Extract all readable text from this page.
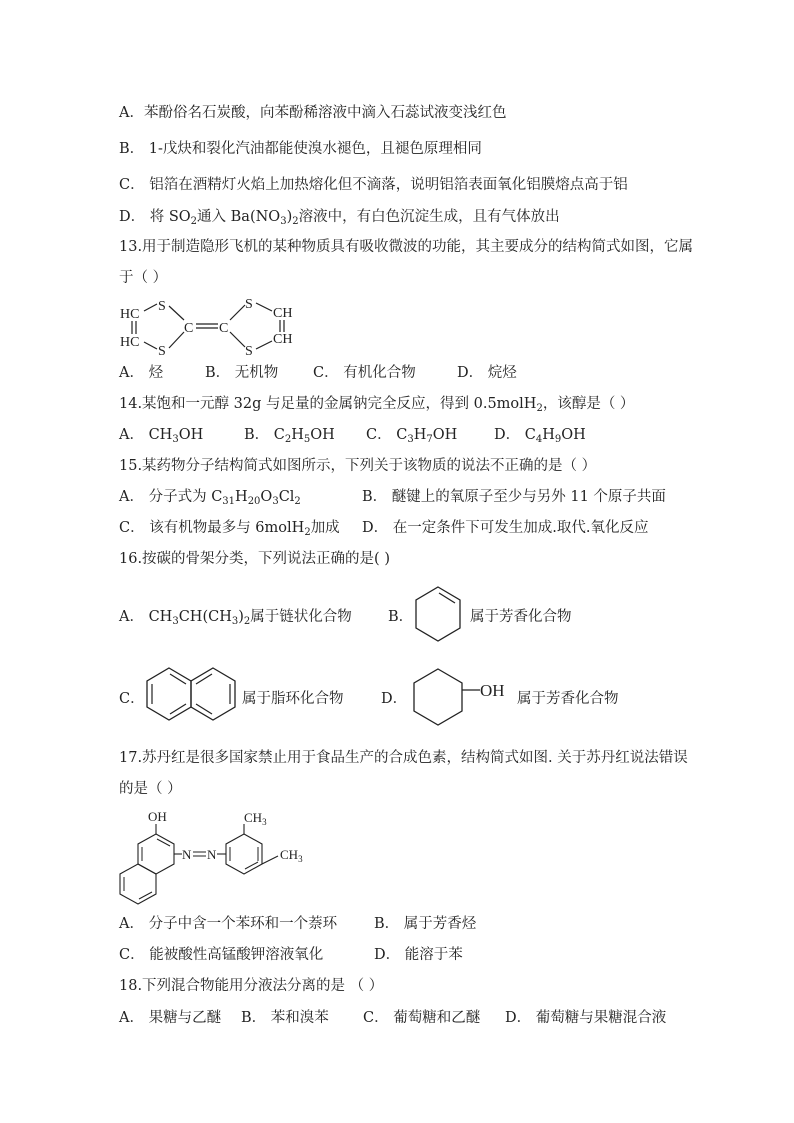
A．苯酚俗名石炭酸，向苯酚稀溶液中滴入石蕊试液变浅红色
B． 1-戊炔和裂化汽油都能使溴水褪色，且褪色原理相同
C． 铝箔在酒精灯火焰上加热熔化但不滴落，说明铝箔表面氧化铝膜熔点高于铝
D． 将 $SO_2$通入 $Ba(NO_3)_2$溶液中，有白色沉淀生成，且有气体放出
13.用于制造隐形飞机的某种物质具有吸收微波的功能，其主要成分的结构简式如图，它属
于（ ）
HC
HC
S
S
C C
S
S
CH
CH
A． 烃	B． 无机物 C． 有机化合物	D． 烷烃
14.某饱和一元醇 32g 与足量的金属钠完全反应，得到 0.5molH$_2$，该醇是（ ）
A． $CH_3OH$	B． $C_2H_5OH$ C． $C_3H_7OH$	D． $C_4H_9OH$
15.某药物分子结构简式如图所示，下列关于该物质的说法不正确的是（ ）
A． 分子式为 $C_{31}H_{20}O_3Cl_2$	B． 醚键上的氧原子至少与另外 11 个原子共面
C． 该有机物最多与 6molH$_2$加成 D． 在一定条件下可发生加成.取代.氧化反应
16.按碳的骨架分类，下列说法正确的是( )
A． $CH_3CH(CH_3)_2$属于链状化合物 B．	属于芳香化合物
C．	属于脂环化合物	D．	OH 属于芳香化合物
17.苏丹红是很多国家禁止用于食品生产的合成色素，结构简式如图. 关于苏丹红说法错误
的是（ ）
OH
N N
$CH_3$
$CH_3$
A． 分子中含一个苯环和一个萘环	B． 属于芳香烃
C． 能被酸性高锰酸钾溶液氧化	D． 能溶于苯
18.下列混合物能用分液法分离的是 （ ）
A． 果糖与乙醚 B． 苯和溴苯 C． 葡萄糖和乙醚 D． 葡萄糖与果糖混合液
